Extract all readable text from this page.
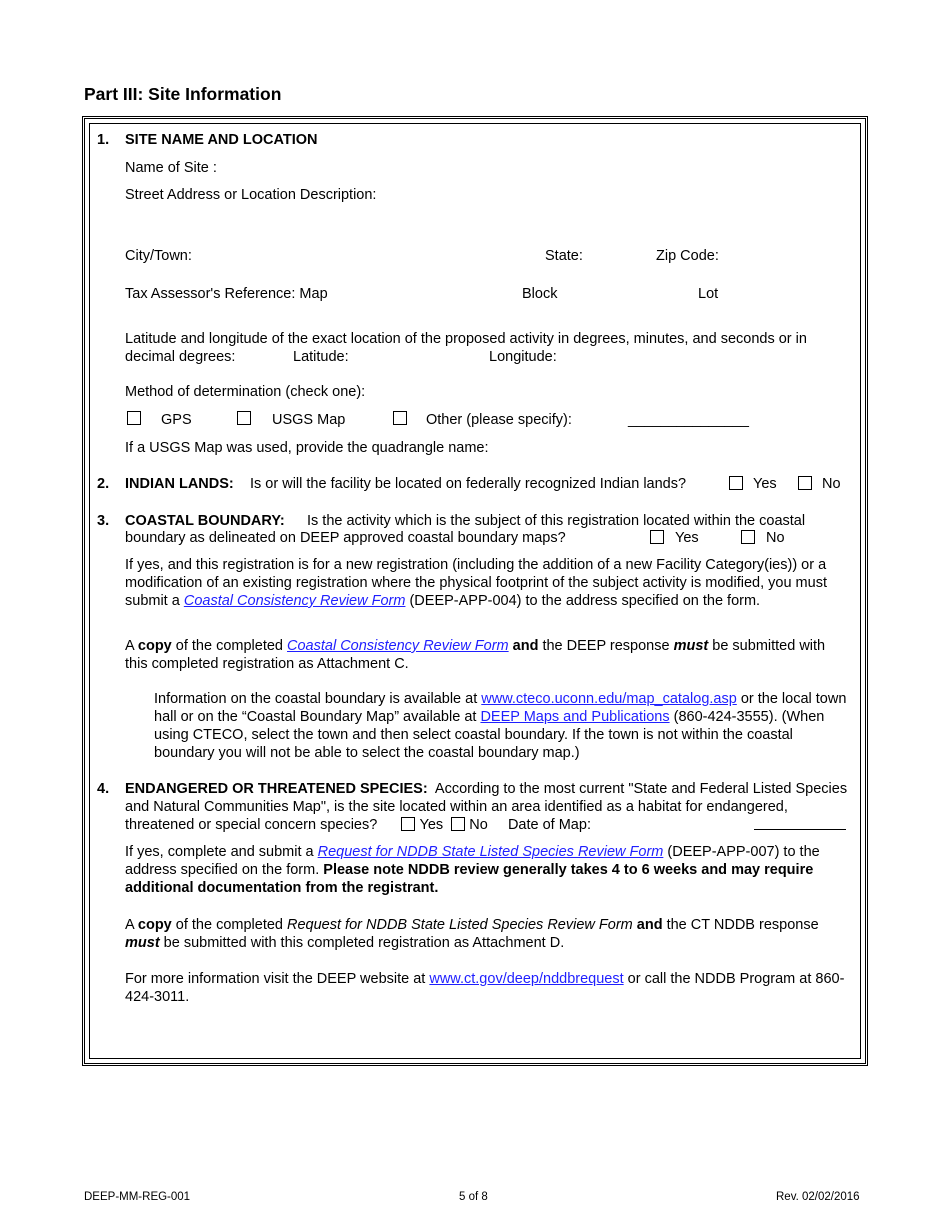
Part III: Site Information
1. SITE NAME AND LOCATION
Name of Site :
Street Address or Location Description:
City/Town:	State:	Zip Code:
Tax Assessor's Reference: Map	Block	Lot
Latitude and longitude of the exact location of the proposed activity in degrees, minutes, and seconds or in
decimal degrees:	Latitude:	Longitude:
Method of determination (check one):
GPS	USGS Map	Other (please specify):	_______________
If a USGS Map was used, provide the quadrangle name:
2. INDIAN LANDS: Is or will the facility be located on federally recognized Indian lands?	Yes	No
3. COASTAL BOUNDARY: Is the activity which is the subject of this registration located within the coastal
boundary as delineated on DEEP approved coastal boundary maps?	Yes	No
If yes, and this registration is for a new registration (including the addition of a new Facility Category(ies)) or a modification of an existing registration where the physical footprint of the subject activity is modified, you must submit a Coastal Consistency Review Form (DEEP-APP-004) to the address specified on the form.
A copy of the completed Coastal Consistency Review Form and the DEEP response must be submitted with this completed registration as Attachment C.
Information on the coastal boundary is available at www.cteco.uconn.edu/map_catalog.asp or the local town hall or on the “Coastal Boundary Map” available at DEEP Maps and Publications (860-424-3555). (When using CTECO, select the town and then select coastal boundary. If the town is not within the coastal boundary you will not be able to select the coastal boundary map.)
4. ENDANGERED OR THREATENED SPECIES: According to the most current "State and Federal Listed Species and Natural Communities Map", is the site located within an area identified as a habitat for endangered, threatened or special concern species?	Yes No Date of Map:
If yes, complete and submit a Request for NDDB State Listed Species Review Form (DEEP-APP-007) to the address specified on the form. Please note NDDB review generally takes 4 to 6 weeks and may require additional documentation from the registrant.
A copy of the completed Request for NDDB State Listed Species Review Form and the CT NDDB response must be submitted with this completed registration as Attachment D.
For more information visit the DEEP website at www.ct.gov/deep/nddbrequest or call the NDDB Program at 860-424-3011.
DEEP-MM-REG-001	5 of 8	Rev. 02/02/2016
